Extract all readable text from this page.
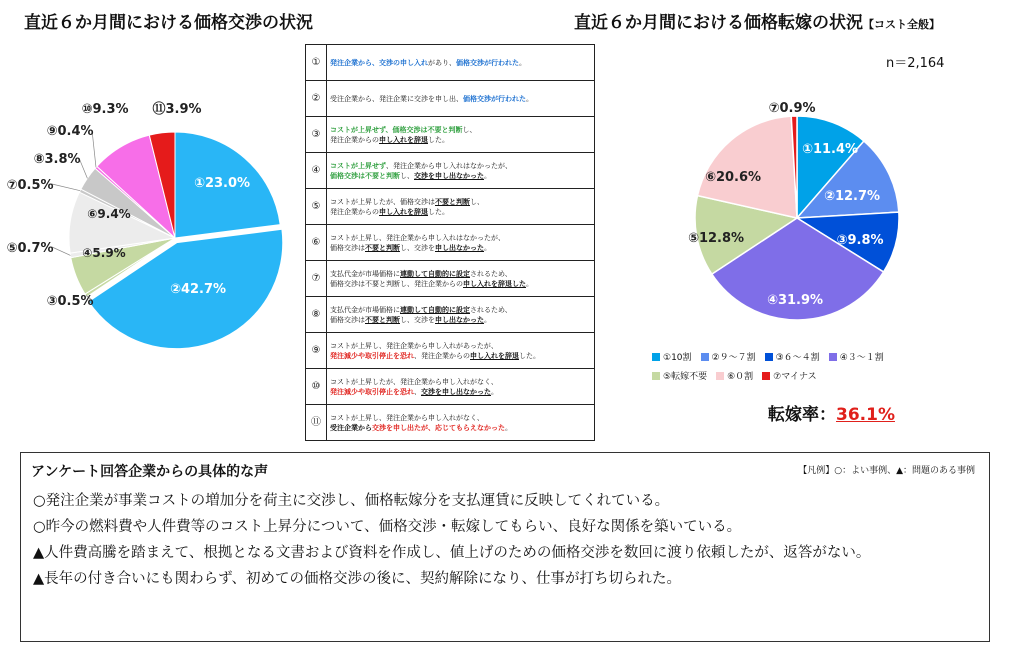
直近６か月間における価格交渉の状況	直近６か月間における価格転嫁の状況【コスト全般】
n＝2,164
①23.0%
②42.7%
③0.5%
④5.9%
⑤0.7%
⑥9.4%
⑦0.5%
⑧3.8%
⑨0.4%
⑩9.3% ⑪3.9%
①	発注企業から、交渉の申し入れがあり、価格交渉が行われた。
②	受注企業から、発注企業に交渉を申し出、価格交渉が行われた。
③	コストが上昇せず、価格交渉は不要と判断し、
発注企業からの申し入れを辞退した。
④	コストが上昇せず、発注企業から申し入れはなかったが、
価格交渉は不要と判断し、交渉を申し出なかった。
⑤	コストが上昇したが、価格交渉は不要と判断し、
発注企業からの申し入れを辞退した。
⑥	コストが上昇し、発注企業から申し入れはなかったが、
価格交渉は不要と判断し、交渉を申し出なかった。
⑦	支払代金が市場価格に連動して自動的に設定されるため、
価格交渉は不要と判断し、発注企業からの申し入れを辞退した。
⑧	支払代金が市場価格に連動して自動的に設定されるため、
価格交渉は不要と判断し、交渉を申し出なかった。
⑨	コストが上昇し、発注企業から申し入れがあったが、
発注減少や取引停止を恐れ、発注企業からの申し入れを辞退した。
⑩	コストが上昇したが、発注企業から申し入れがなく、
発注減少や取引停止を恐れ、交渉を申し出なかった。
⑪	コストが上昇し、発注企業から申し入れがなく、
受注企業から交渉を申し出たが、応じてもらえなかった。
①11.4%
②12.7%
③9.8%
④31.9%
⑤12.8%
⑥20.6%
⑦0.9%
①10割 ②９～７割 ③６～４割 ④３～１割
⑤転嫁不要 ⑥０割 ⑦マイナス
転嫁率：36.1%
アンケート回答企業からの具体的な声	【凡例】○：よい事例、▲：問題のある事例
○ 発注企業が事業コストの増加分を荷主に交渉し、価格転嫁分を支払運賃に反映してくれている。
○ 昨今の燃料費や人件費等のコスト上昇分について、価格交渉・転嫁してもらい、良好な関係を築いている。
▲ 人件費高騰を踏まえて、根拠となる文書および資料を作成し、値上げのための価格交渉を数回に渡り依頼したが、返答がない。
▲ 長年の付き合いにも関わらず、初めての価格交渉の後に、契約解除になり、仕事が打ち切られた。
